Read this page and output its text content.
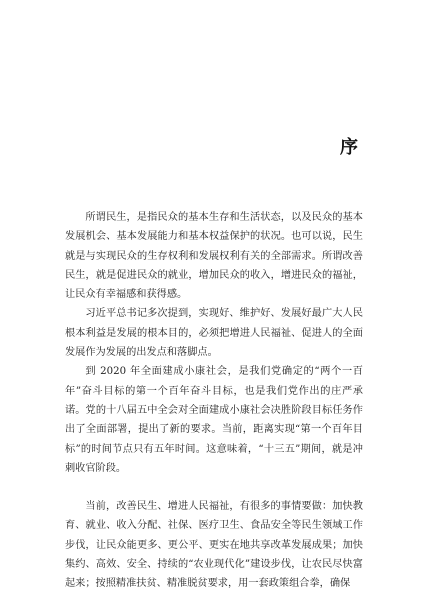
序

所谓民生，是指民众的基本生存和生活状态，以及民众的基本发展机会、基本发展能力和基本权益保护的状况。也可以说，民生就是与实现民众的生存权利和发展权利有关的全部需求。所谓改善民生，就是促进民众的就业，增加民众的收入，增进民众的福祉，让民众有幸福感和获得感。

习近平总书记多次提到，实现好、维护好、发展好最广大人民根本利益是发展的根本目的，必须把增进人民福祉、促进人的全面发展作为发展的出发点和落脚点。

到 2020 年全面建成小康社会，是我们党确定的“两个一百年”奋斗目标的第一个百年奋斗目标，也是我们党作出的庄严承诺。党的十八届五中全会对全面建成小康社会决胜阶段目标任务作出了全面部署，提出了新的要求。当前，距离实现“第一个百年目标”的时间节点只有五年时间。这意味着，“十三五”期间，就是冲刺收官阶段。

当前，改善民生、增进人民福祉，有很多的事情要做：加快教育、就业、收入分配、社保、医疗卫生、食品安全等民生领域工作步伐，让民众能更多、更公平、更实在地共享改革发展成果；加快集约、高效、安全、持续的“农业现代化”建设步伐，让农民尽快富起来；按照精准扶贫、精准脱贫要求，用一套政策组合拳，确保
